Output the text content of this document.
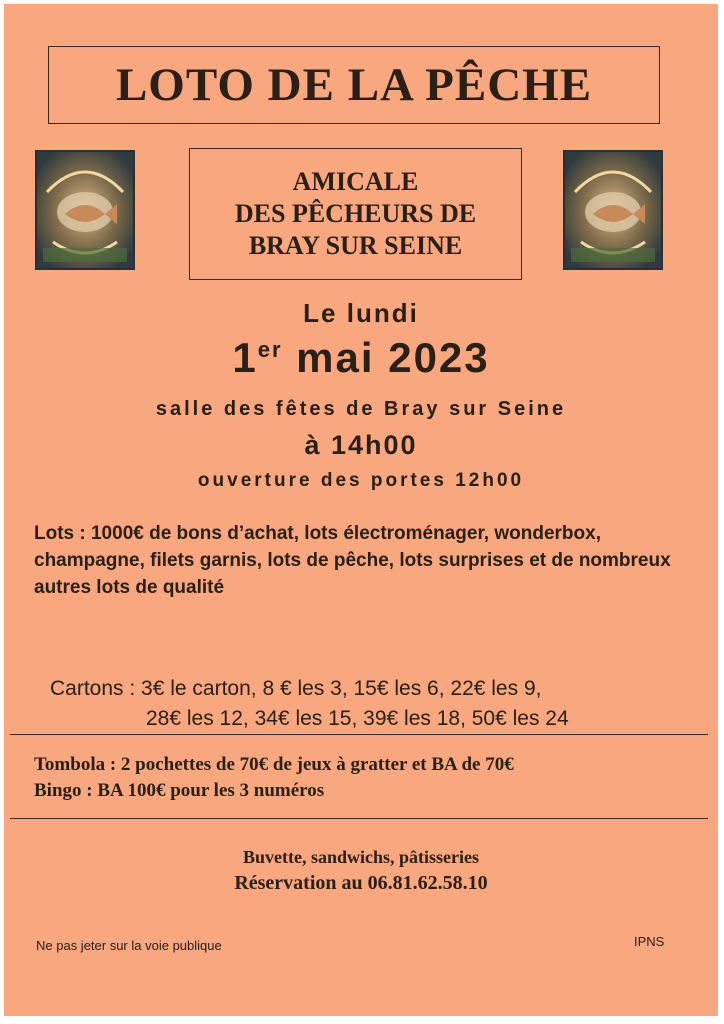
LOTO DE LA PÊCHE
AMICALE
DES PÊCHEURS DE
BRAY SUR SEINE
Le lundi
1er mai 2023
salle des fêtes de Bray sur Seine
à 14h00
ouverture des portes 12h00
Lots : 1000€ de bons d’achat, lots électroménager, wonderbox, champagne, filets garnis, lots de pêche, lots surprises et de nombreux autres lots de qualité
Cartons : 3€ le carton, 8 € les 3, 15€ les 6, 22€ les 9,
28€ les 12, 34€ les 15, 39€ les 18, 50€ les 24
Tombola : 2 pochettes de 70€ de jeux à gratter et BA de 70€
Bingo : BA 100€ pour les 3 numéros
Buvette, sandwichs, pâtisseries
Réservation au 06.81.62.58.10
Ne pas jeter sur la voie publique	IPNS
